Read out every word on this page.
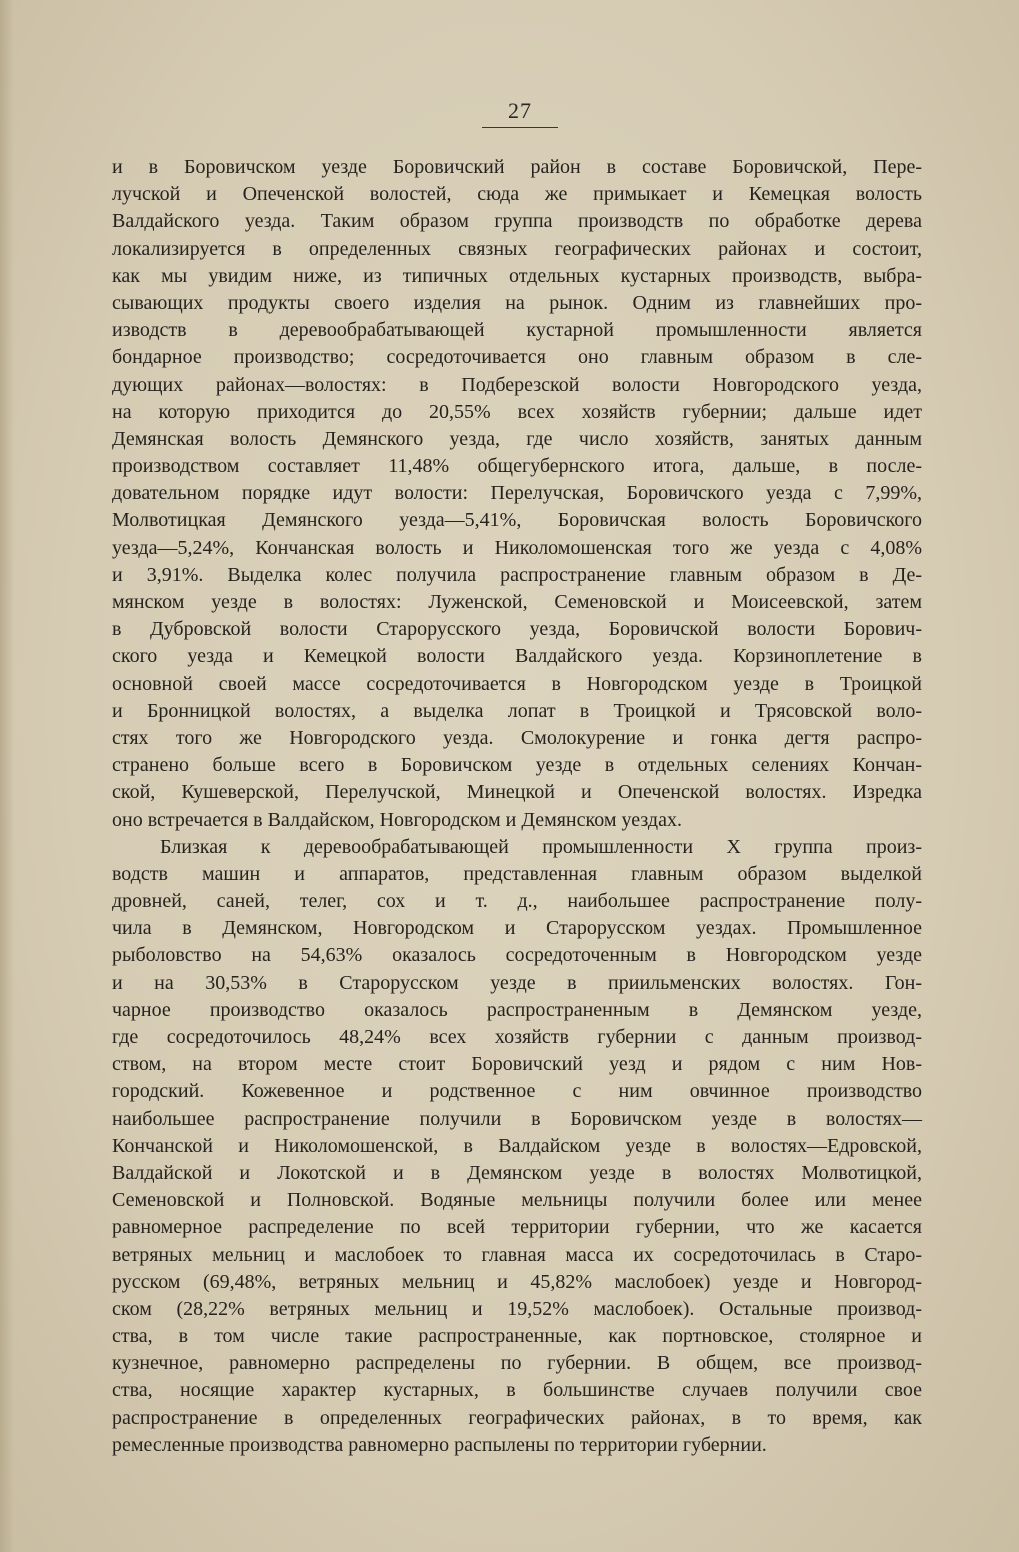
27
и в Боровичском уезде Боровичский район в составе Боровичской, Пере-
лучской и Опеченской волостей, сюда же примыкает и Кемецкая волость
Валдайского уезда. Таким образом группа производств по обработке дерева
локализируется в определенных связных географических районах и состоит,
как мы увидим ниже, из типичных отдельных кустарных производств, выбра-
сывающих продукты своего изделия на рынок. Одним из главнейших про-
изводств в деревообрабатывающей кустарной промышленности является
бондарное производство; сосредоточивается оно главным образом в сле-
дующих районах—волостях: в Подберезской волости Новгородского уезда,
на которую приходится до 20,55% всех хозяйств губернии; дальше идет
Демянская волость Демянского уезда, где число хозяйств, занятых данным
производством составляет 11,48% общегубернского итога, дальше, в после-
довательном порядке идут волости: Перелучская, Боровичского уезда с 7,99%,
Молвотицкая Демянского уезда—5,41%, Боровичская волость Боровичского
уезда—5,24%, Кончанская волость и Николомошенская того же уезда с 4,08%
и 3,91%. Выделка колес получила распространение главным образом в Де-
мянском уезде в волостях: Луженской, Семеновской и Моисеевской, затем
в Дубровской волости Старорусского уезда, Боровичской волости Борович-
ского уезда и Кемецкой волости Валдайского уезда. Корзиноплетение в
основной своей массе сосредоточивается в Новгородском уезде в Троицкой
и Бронницкой волостях, а выделка лопат в Троицкой и Трясовской воло-
стях того же Новгородского уезда. Смолокурение и гонка дегтя распро-
странено больше всего в Боровичском уезде в отдельных селениях Кончан-
ской, Кушеверской, Перелучской, Минецкой и Опеченской волостях. Изредка
оно встречается в Валдайском, Новгородском и Демянском уездах.
Близкая к деревообрабатывающей промышленности X группа произ-
водств машин и аппаратов, представленная главным образом выделкой
дровней, саней, телег, сох и т. д., наибольшее распространение полу-
чила в Демянском, Новгородском и Старорусском уездах. Промышленное
рыболовство на 54,63% оказалось сосредоточенным в Новгородском уезде
и на 30,53% в Старорусском уезде в приильменских волостях. Гон-
чарное производство оказалось распространенным в Демянском уезде,
где сосредоточилось 48,24% всех хозяйств губернии с данным производ-
ством, на втором месте стоит Боровичский уезд и рядом с ним Нов-
городский. Кожевенное и родственное с ним овчинное производство
наибольшее распространение получили в Боровичском уезде в волостях—
Кончанской и Николомошенской, в Валдайском уезде в волостях—Едровской,
Валдайской и Локотской и в Демянском уезде в волостях Молвотицкой,
Семеновской и Полновской. Водяные мельницы получили более или менее
равномерное распределение по всей территории губернии, что же касается
ветряных мельниц и маслобоек то главная масса их сосредоточилась в Старо-
русском (69,48%, ветряных мельниц и 45,82% маслобоек) уезде и Новгород-
ском (28,22% ветряных мельниц и 19,52% маслобоек). Остальные производ-
ства, в том числе такие распространенные, как портновское, столярное и
кузнечное, равномерно распределены по губернии. В общем, все производ-
ства, носящие характер кустарных, в большинстве случаев получили свое
распространение в определенных географических районах, в то время, как
ремесленные производства равномерно распылены по территории губернии.
